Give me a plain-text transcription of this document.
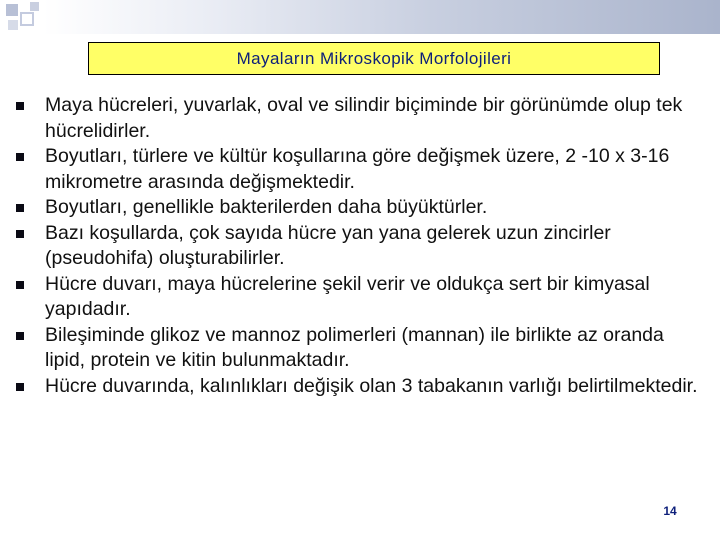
Mayaların Mikroskopik Morfolojileri
Maya hücreleri, yuvarlak, oval ve silindir biçiminde bir görünümde olup tek hücrelidirler.
Boyutları, türlere ve kültür koşullarına göre değişmek üzere, 2 -10 x 3-16 mikrometre arasında değişmektedir.
Boyutları, genellikle bakterilerden daha büyüktürler.
Bazı koşullarda, çok sayıda hücre yan yana gelerek uzun zincirler (pseudohifa) oluşturabilirler.
Hücre duvarı, maya hücrelerine şekil verir ve oldukça sert bir kimyasal yapıdadır.
Bileşiminde glikoz ve mannoz polimerleri (mannan) ile birlikte az oranda lipid, protein ve kitin bulunmaktadır.
Hücre duvarında, kalınlıkları değişik olan 3 tabakanın varlığı belirtilmektedir.
14
